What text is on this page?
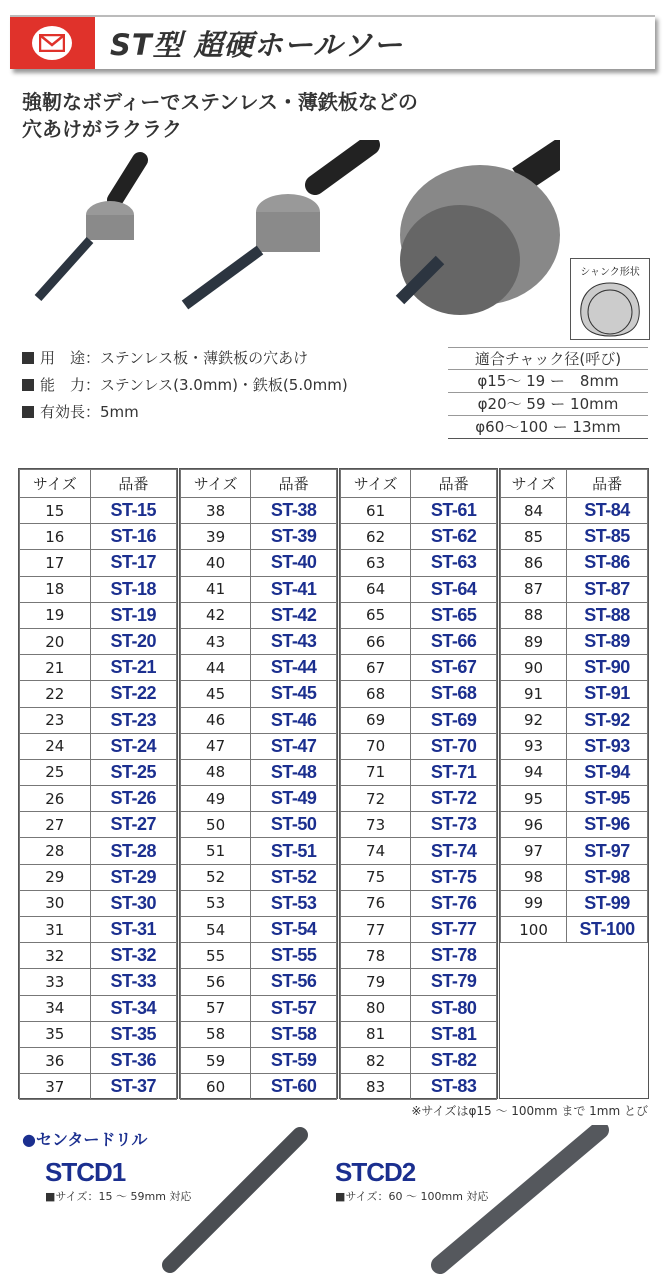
ST型 超硬ホールソー
強靭なボディーでステンレス・薄鉄板などの
穴あけがラクラク
シャンク形状
用　途 ：ステンレス板・薄鉄板の穴あけ
能　力 ：ステンレス(3.0mm)・鉄板(5.0mm)
有効長 ：5mm
適合チャック径(呼び)
φ15～ 19 ー　8mm
φ20～ 59 ー 10mm
φ60～100 ー 13mm
サイズ	品番
15	ST-15
16	ST-16
17	ST-17
18	ST-18
19	ST-19
20	ST-20
21	ST-21
22	ST-22
23	ST-23
24	ST-24
25	ST-25
26	ST-26
27	ST-27
28	ST-28
29	ST-29
30	ST-30
31	ST-31
32	ST-32
33	ST-33
34	ST-34
35	ST-35
36	ST-36
37	ST-37
サイズ	品番
38	ST-38
39	ST-39
40	ST-40
41	ST-41
42	ST-42
43	ST-43
44	ST-44
45	ST-45
46	ST-46
47	ST-47
48	ST-48
49	ST-49
50	ST-50
51	ST-51
52	ST-52
53	ST-53
54	ST-54
55	ST-55
56	ST-56
57	ST-57
58	ST-58
59	ST-59
60	ST-60
サイズ	品番
61	ST-61
62	ST-62
63	ST-63
64	ST-64
65	ST-65
66	ST-66
67	ST-67
68	ST-68
69	ST-69
70	ST-70
71	ST-71
72	ST-72
73	ST-73
74	ST-74
75	ST-75
76	ST-76
77	ST-77
78	ST-78
79	ST-79
80	ST-80
81	ST-81
82	ST-82
83	ST-83
サイズ	品番
84	ST-84
85	ST-85
86	ST-86
87	ST-87
88	ST-88
89	ST-89
90	ST-90
91	ST-91
92	ST-92
93	ST-93
94	ST-94
95	ST-95
96	ST-96
97	ST-97
98	ST-98
99	ST-99
100	ST-100
※サイズはφ15 ～ 100mm まで 1mm とび
●センタードリル
STCD1
■サイズ：15 ～ 59mm 対応
STCD2
■サイズ：60 ～ 100mm 対応
